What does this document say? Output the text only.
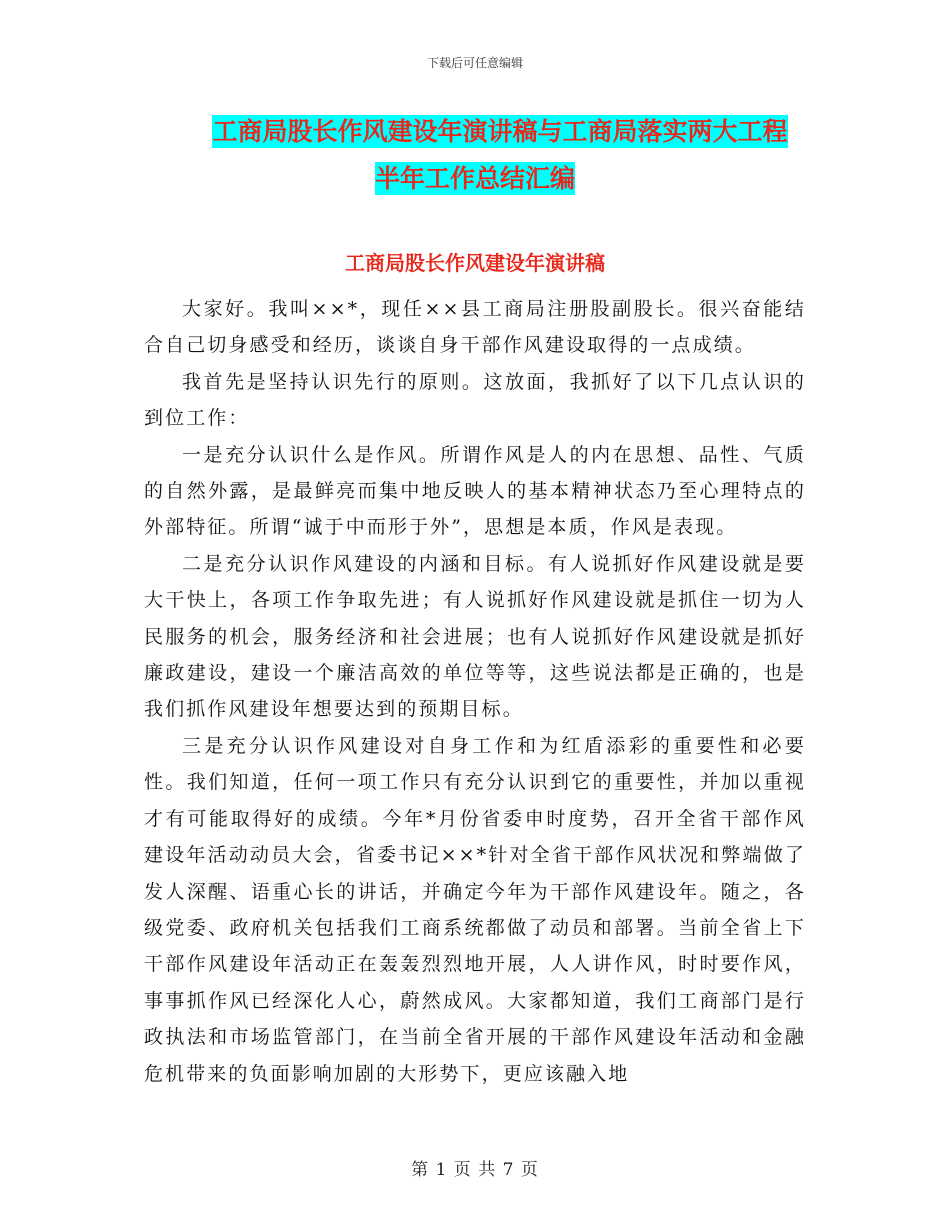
下载后可任意编辑
工商局股长作风建设年演讲稿与工商局落实两大工程
半年工作总结汇编
工商局股长作风建设年演讲稿

大家好。我叫××*，现任××县工商局注册股副股长。很兴奋能结合自己切身感受和经历，谈谈自身干部作风建设取得的一点成绩。

我首先是坚持认识先行的原则。这放面，我抓好了以下几点认识的到位工作：

一是充分认识什么是作风。所谓作风是人的内在思想、品性、气质的自然外露，是最鲜亮而集中地反映人的基本精神状态乃至心理特点的外部特征。所谓“诚于中而形于外”，思想是本质，作风是表现。

二是充分认识作风建设的内涵和目标。有人说抓好作风建设就是要大干快上，各项工作争取先进；有人说抓好作风建设就是抓住一切为人民服务的机会，服务经济和社会进展；也有人说抓好作风建设就是抓好廉政建设，建设一个廉洁高效的单位等等，这些说法都是正确的，也是我们抓作风建设年想要达到的预期目标。

三是充分认识作风建设对自身工作和为红盾添彩的重要性和必要性。我们知道，任何一项工作只有充分认识到它的重要性，并加以重视才有可能取得好的成绩。今年*月份省委申时度势，召开全省干部作风建设年活动动员大会，省委书记××*针对全省干部作风状况和弊端做了发人深醒、语重心长的讲话，并确定今年为干部作风建设年。随之，各级党委、政府机关包括我们工商系统都做了动员和部署。当前全省上下干部作风建设年活动正在轰轰烈烈地开展，人人讲作风，时时要作风，事事抓作风已经深化人心，蔚然成风。大家都知道，我们工商部门是行政执法和市场监管部门，在当前全省开展的干部作风建设年活动和金融危机带来的负面影响加剧的大形势下，更应该融入地

第 1 页 共 7 页
